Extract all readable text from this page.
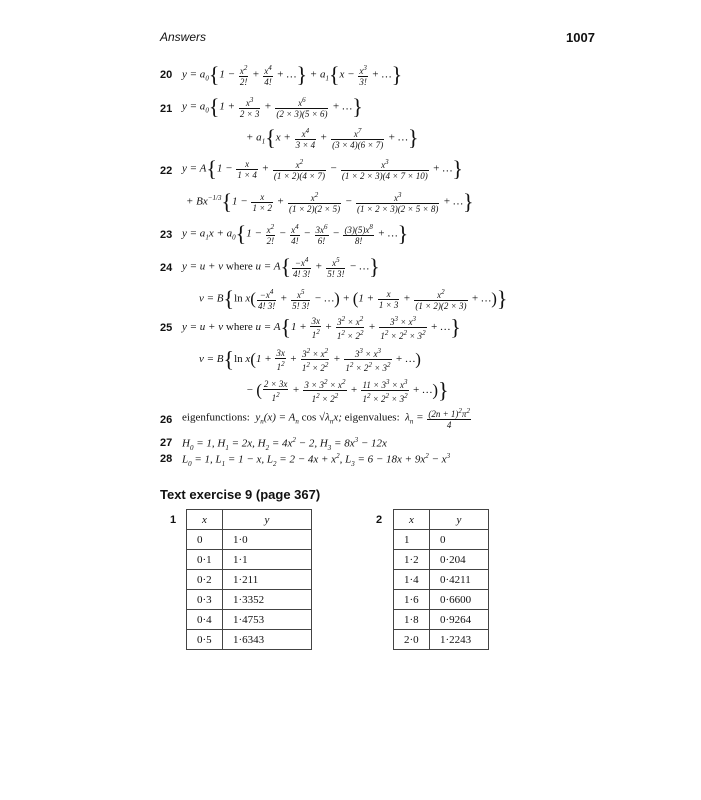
Answers	1007
20 $y = a_0\{1 - \frac{x^2}{2!} + \frac{x^4}{4!}$ + …} + $a_1\{x - \frac{x^3}{3!}$ + …}
21 $y = a_0\{1 + \frac{x^3}{2 \times 3} + \frac{x^6}{(2 \times 3)(5 \times 6)}$ + …}
+ $a_1\{x + \frac{x^4}{3 \times 4} + \frac{x^7}{(3 \times 4)(6 \times 7)}$ + …}
22 $y = A\{1 - \frac{x}{1 \times 4} + \frac{x^2}{(1 \times 2)(4 \times 7)} - \frac{x^3}{(1 \times 2 \times 3)(4 \times 7 \times 10)}$ + …}
+ $Bx^{-1/3}\{1 - \frac{x}{1 \times 2} + \frac{x^2}{(1 \times 2)(2 \times 5)} - \frac{x^3}{(1 \times 2 \times 3)(2 \times 5 \times 8)}$ + …}
23 $y = a_1x + a_0\{1 - \frac{x^2}{2!} - \frac{x^4}{4!} - \frac{3x^6}{6!} - \frac{(3)(5)x^8}{8!}$ + …}
24 y = u + v where $u = A\{ \frac{-x^4}{4! 3!} + \frac{x^5}{5! 3!}$ − …}
v = B{ln $x( \frac{-x^4}{4! 3!} + \frac{x^5}{5! 3!}$ − …) + ($1 + \frac{x}{1 \times 3} + \frac{x^2}{(1 \times 2)(2 \times 3)}$ + …)}
25 y = u + v where $u = A\{1 + \frac{3x}{1^2} + \frac{3^2 \times x^2}{1^2 \times 2^2} + \frac{3^3 \times x^3}{1^2 \times 2^2 \times 3^2}$ + …}
v = B{ln $x(1 + \frac{3x}{1^2} + \frac{3^2 \times x^2}{1^2 \times 2^2} + \frac{3^3 \times x^3}{1^2 \times 2^2 \times 3^2}$ + …)
− ( $\frac{2 \times 3x}{1^2} + \frac{3 \times 3^2 \times x^2}{1^2 \times 2^2} + \frac{11 \times 3^3 \times x^3}{1^2 \times 2^2 \times 3^2}$ + …)}
26 eigenfunctions:  $y_n(x) = A_n$ $\cos √\lambda_nx$; eigenvalues:  $\lambda_n = \frac{(2n + 1)^2\pi^2}{4}$
27 $H_0 = 1$, $H_1 = 2x$, $H_2 = 4x^2 - 2$, $H_3 = 8x^3 - 12x$
28 $L_0 = 1$, $L_1 = 1 - x$, $L_2 = 2 - 4x + x^2$, $L_3 = 6 - 18x + 9x^2 - x^3$
Text exercise 9 (page 367)
1 x	y
0	1·0
0·1	1·1
0·2	1·211
0·3	1·3352
0·4	1·4753
0·5	1·6343
2 x	y
1	0
1·2	0·204
1·4	0·4211
1·6	0·6600
1·8	0·9264
2·0	1·2243
